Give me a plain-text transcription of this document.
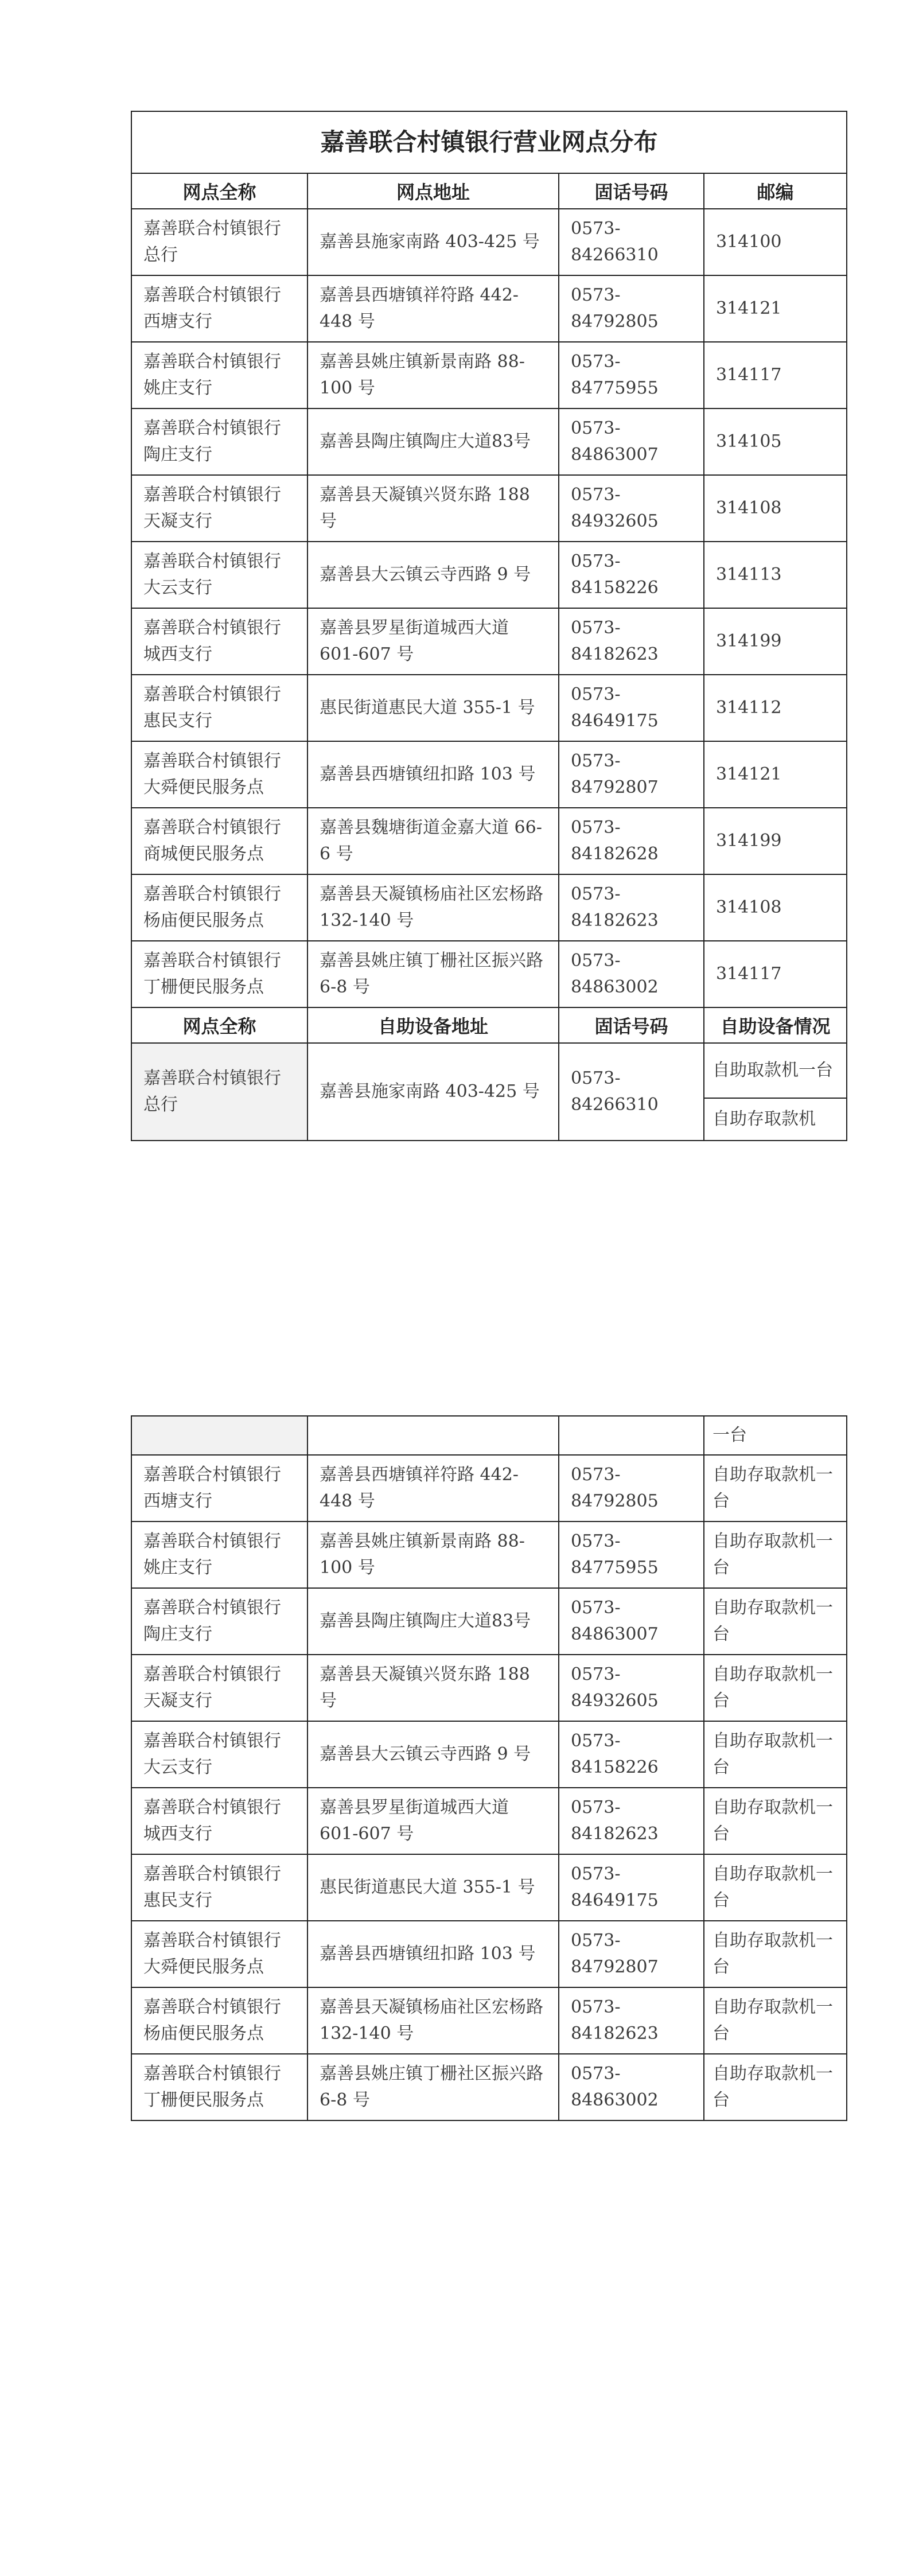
嘉善联合村镇银行营业网点分布			
网点全称	网点地址	固话号码	邮编
嘉善联合村镇银行总行	嘉善县施家南路 403-425 号	0573-84266310	314100
嘉善联合村镇银行西塘支行	嘉善县西塘镇祥符路 442-448 号	0573-84792805	314121
嘉善联合村镇银行姚庄支行	嘉善县姚庄镇新景南路 88-100 号	0573-84775955	314117
嘉善联合村镇银行陶庄支行	嘉善县陶庄镇陶庄大道83号	0573-84863007	314105
嘉善联合村镇银行天凝支行	嘉善县天凝镇兴贤东路 188 号	0573-84932605	314108
嘉善联合村镇银行大云支行	嘉善县大云镇云寺西路 9 号	0573-84158226	314113
嘉善联合村镇银行城西支行	嘉善县罗星街道城西大道 601-607 号	0573-84182623	314199
嘉善联合村镇银行惠民支行	惠民街道惠民大道 355-1 号	0573-84649175	314112
嘉善联合村镇银行大舜便民服务点	嘉善县西塘镇纽扣路 103 号	0573-84792807	314121
嘉善联合村镇银行商城便民服务点	嘉善县魏塘街道金嘉大道 66-6 号	0573-84182628	314199
嘉善联合村镇银行杨庙便民服务点	嘉善县天凝镇杨庙社区宏杨路 132-140 号	0573-84182623	314108
嘉善联合村镇银行丁栅便民服务点	嘉善县姚庄镇丁栅社区振兴路 6-8 号	0573-84863002	314117
网点全称	自助设备地址	固话号码	自助设备情况
嘉善联合村镇银行总行	嘉善县施家南路 403-425 号	0573-84266310	自助取款机一台
			自助存取款机
			一台
嘉善联合村镇银行西塘支行	嘉善县西塘镇祥符路 442-448 号	0573-84792805	自助存取款机一台
嘉善联合村镇银行姚庄支行	嘉善县姚庄镇新景南路 88-100 号	0573-84775955	自助存取款机一台
嘉善联合村镇银行陶庄支行	嘉善县陶庄镇陶庄大道83号	0573-84863007	自助存取款机一台
嘉善联合村镇银行天凝支行	嘉善县天凝镇兴贤东路 188 号	0573-84932605	自助存取款机一台
嘉善联合村镇银行大云支行	嘉善县大云镇云寺西路 9 号	0573-84158226	自助存取款机一台
嘉善联合村镇银行城西支行	嘉善县罗星街道城西大道 601-607 号	0573-84182623	自助存取款机一台
嘉善联合村镇银行惠民支行	惠民街道惠民大道 355-1 号	0573-84649175	自助存取款机一台
嘉善联合村镇银行大舜便民服务点	嘉善县西塘镇纽扣路 103 号	0573-84792807	自助存取款机一台
嘉善联合村镇银行杨庙便民服务点	嘉善县天凝镇杨庙社区宏杨路 132-140 号	0573-84182623	自助存取款机一台
嘉善联合村镇银行丁栅便民服务点	嘉善县姚庄镇丁栅社区振兴路 6-8 号	0573-84863002	自助存取款机一台
